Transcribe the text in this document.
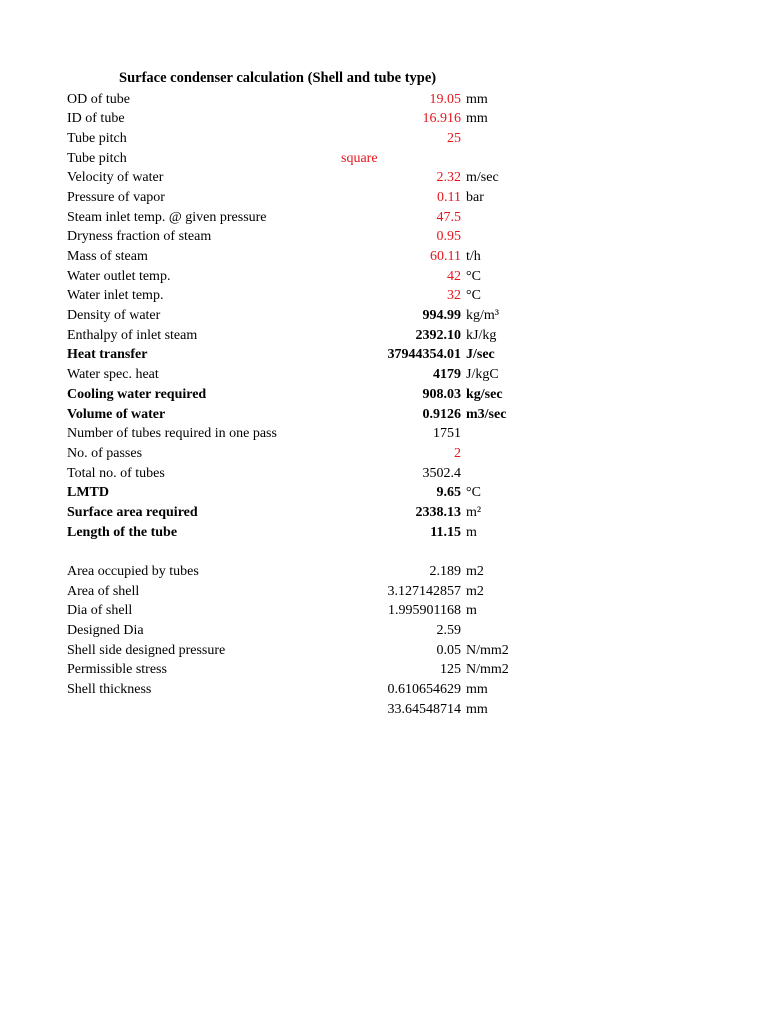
Surface condenser calculation (Shell and tube type)
OD of tube	19.05 mm
ID of tube	16.916 mm
Tube pitch	25
Tube pitch	square
Velocity of water	2.32 m/sec
Pressure of vapor	0.11 bar
Steam inlet temp. @ given pressure	47.5
Dryness fraction of steam	0.95
Mass of steam	60.11 t/h
Water outlet temp.	42 °C
Water inlet temp.	32 °C
Density of water	994.99 kg/m³
Enthalpy of inlet steam	2392.10 kJ/kg
Heat transfer	37944354.01 J/sec
Water spec. heat	4179 J/kgC
Cooling water required	908.03 kg/sec
Volume of water	0.9126 m3/sec
Number of tubes required in one pass	1751
No. of passes	2
Total no. of tubes	3502.4
LMTD	9.65 °C
Surface area required	2338.13 m²
Length of the tube	11.15 m
Area occupied by tubes	2.189 m2
Area of shell	3.127142857 m2
Dia of shell	1.995901168 m
Designed Dia	2.59
Shell side designed pressure	0.05 N/mm2
Permissible stress	125 N/mm2
Shell thickness	0.610654629 mm
33.64548714 mm
